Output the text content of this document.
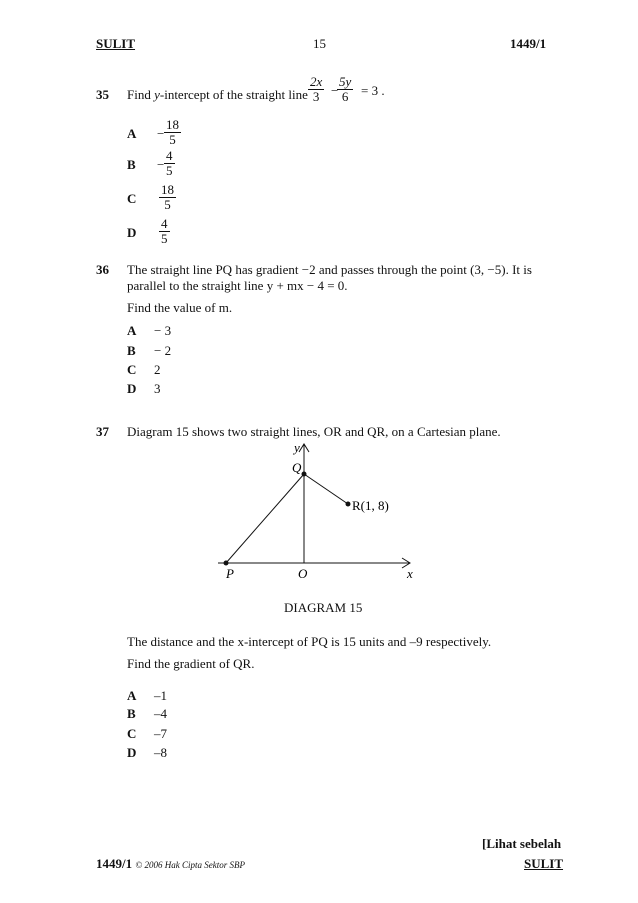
SULIT	15	1449/1
35 Find y-intercept of the straight line $\frac{2x}{3}$ −
$\frac{5y}{6} = 3$ .
$A - \frac{18}{5}$
$B - \frac{4}{5}$
C $\frac{18}{5}$
D $\frac{4}{5}$
36 The straight line PQ has gradient −2 and passes through the point (3, −5). It is
parallel to the straight line y + mx − 4 = 0.
Find the value of m.
A − 3
B − 2
C 2
D 3
37 Diagram 15 shows two straight lines, OR and QR, on a Cartesian plane.
y
Q
P	O	x
R(1, 8)
DIAGRAM 15
The distance and the x-intercept of PQ is 15 units and –9 respectively.
Find the gradient of QR.
A –1
B –4
C –7
D –8
[Lihat sebelah
1449/1 © 2006 Hak Cipta Sektor SBP	SULIT
